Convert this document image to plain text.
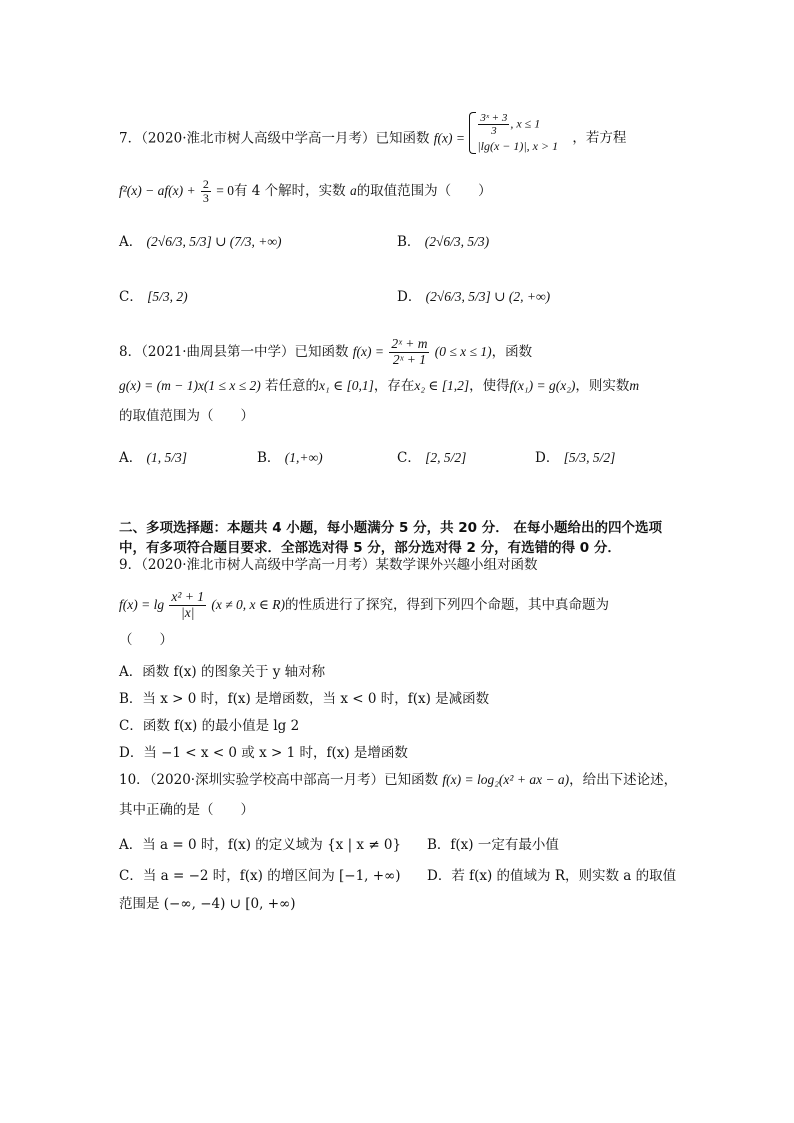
7．（2020·淮北市树人高级中学高一月考）已知函数 f(x) =
$\frac{\text{3ˣ + 3}}{3}$ , x ≤ 1
|lg(x − 1)|, x > 1 ，若方程
$f^2(x) - af(x) + \frac{2}{3} = 0$有 4 个解时，实数 a的取值范围为（　　）
A． (2√6/3, 5/3] ∪ (7/3, +∞)	B． (2√6/3, 5/3)
C． [5/3, 2)	D． (2√6/3, 5/3] ∪ (2, +∞)
8．（2021·曲周县第一中学）已知函数 $f(x) = \frac{\text{2ˣ + m}}{\text{2ˣ + 1}} (0 \le x \le 1)$，函数
g(x) = (m − 1)x(1 ≤ x ≤ 2) 若任意的x₁ ∈ [0,1]，存在x₂ ∈ [1,2]，使得f(x₁) = g(x₂)，则实数m
的取值范围为（　　）
A． (1, 5/3]	B． (1,+∞)	C． [2, 5/2]	D． [5/3, 5/2]
二、多项选择题：本题共 4 小题，每小题满分 5 分，共 20 分． 在每小题给出的四个选项
中，有多项符合题目要求．全部选对得 5 分，部分选对得 2 分，有选错的得 0 分．
9．（2020·淮北市树人高级中学高一月考）某数学课外兴趣小组对函数
$f(x) = \lg \frac{\text{x² + 1}}{|x|} (x \ne 0$, x ∈ R)的性质进行了探究，得到下列四个命题，其中真命题为
（　　）
A．函数 f(x) 的图象关于 y 轴对称
B．当 x > 0 时，f(x) 是增函数，当 x < 0 时，f(x) 是减函数
C．函数 f(x) 的最小值是 lg 2
D．当 −1 < x < 0 或 x > 1 时，f(x) 是增函数
10．（2020·深圳实验学校高中部高一月考）已知函数 f(x) = log₂(x² + ax − a)，给出下述论述，
其中正确的是（　　）
A．当 a = 0 时，f(x) 的定义域为 {x | x ≠ 0} B．f(x) 一定有最小值
C．当 a = −2 时，f(x) 的增区间为 [−1, +∞) D．若 f(x) 的值域为 R，则实数 a 的取值
范围是 (−∞, −4) ∪ [0, +∞)
